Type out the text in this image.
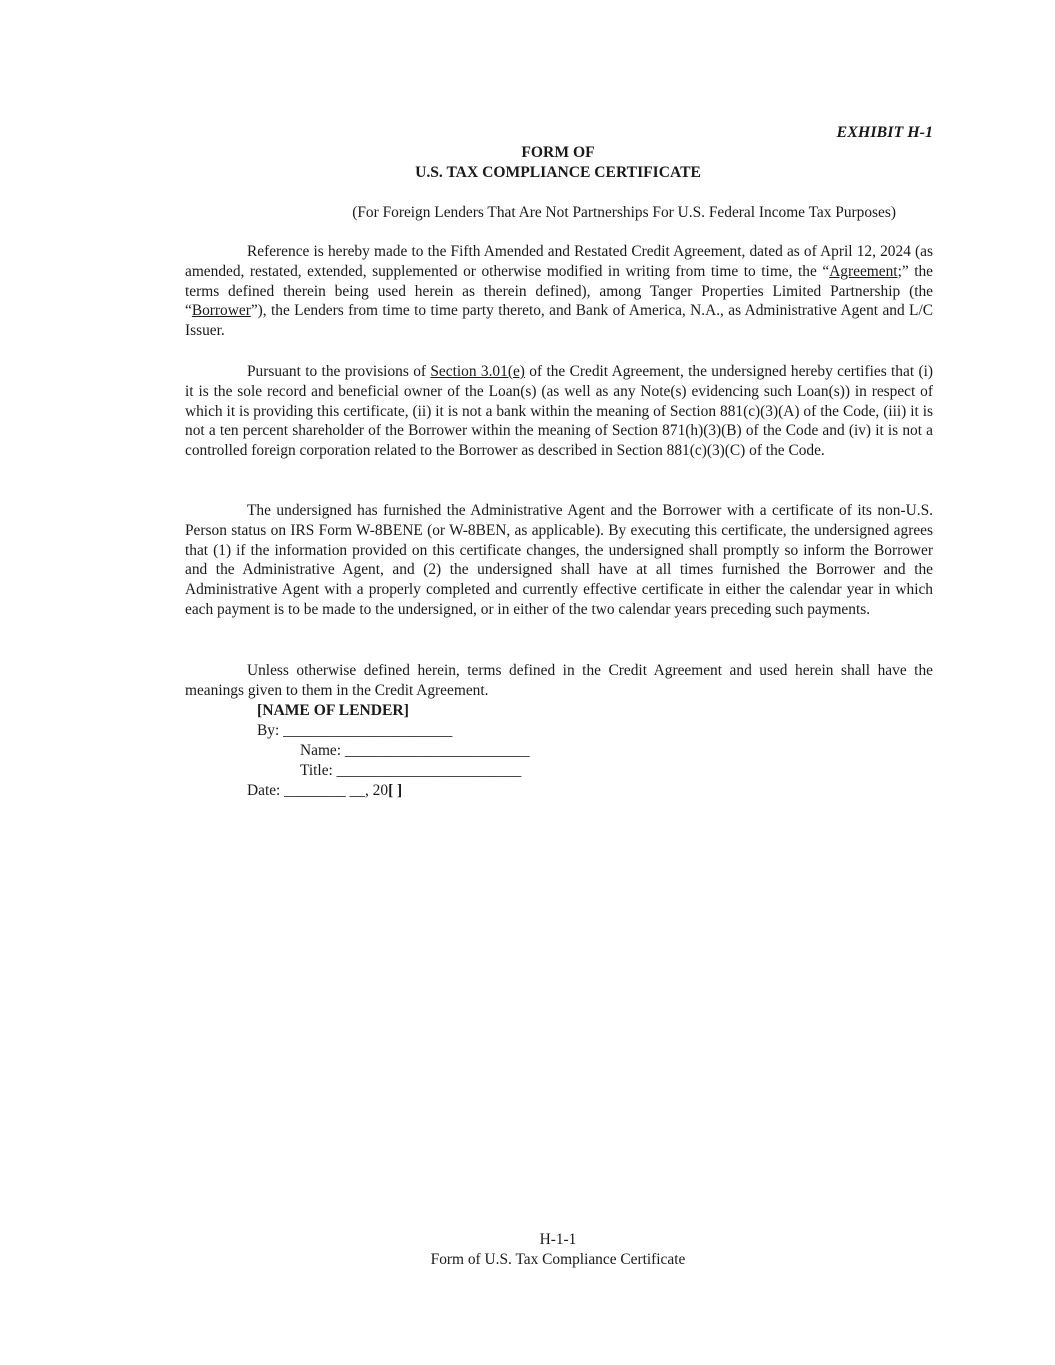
EXHIBIT H-1
FORM OF
U.S. TAX COMPLIANCE CERTIFICATE
(For Foreign Lenders That Are Not Partnerships For U.S. Federal Income Tax Purposes)

Reference is hereby made to the Fifth Amended and Restated Credit Agreement, dated as of April 12, 2024 (as amended, restated, extended, supplemented or otherwise modified in writing from time to time, the “Agreement;” the terms defined therein being used herein as therein defined), among Tanger Properties Limited Partnership (the “Borrower”), the Lenders from time to time party thereto, and Bank of America, N.A., as Administrative Agent and L/C Issuer.

Pursuant to the provisions of Section 3.01(e) of the Credit Agreement, the undersigned hereby certifies that (i) it is the sole record and beneficial owner of the Loan(s) (as well as any Note(s) evidencing such Loan(s)) in respect of which it is providing this certificate, (ii) it is not a bank within the meaning of Section 881(c)(3)(A) of the Code, (iii) it is not a ten percent shareholder of the Borrower within the meaning of Section 871(h)(3)(B) of the Code and (iv) it is not a controlled foreign corporation related to the Borrower as described in Section 881(c)(3)(C) of the Code.

The undersigned has furnished the Administrative Agent and the Borrower with a certificate of its non-U.S. Person status on IRS Form W-8BENE (or W-8BEN, as applicable). By executing this certificate, the undersigned agrees that (1) if the information provided on this certificate changes, the undersigned shall promptly so inform the Borrower and the Administrative Agent, and (2) the undersigned shall have at all times furnished the Borrower and the Administrative Agent with a properly completed and currently effective certificate in either the calendar year in which each payment is to be made to the undersigned, or in either of the two calendar years preceding such payments.

Unless otherwise defined herein, terms defined in the Credit Agreement and used herein shall have the meanings given to them in the Credit Agreement.

[NAME OF LENDER]
By: ______________________
Name: ________________________
Title: ________________________
Date: ________ __, 20[ ]
H-1-1
Form of U.S. Tax Compliance Certificate
